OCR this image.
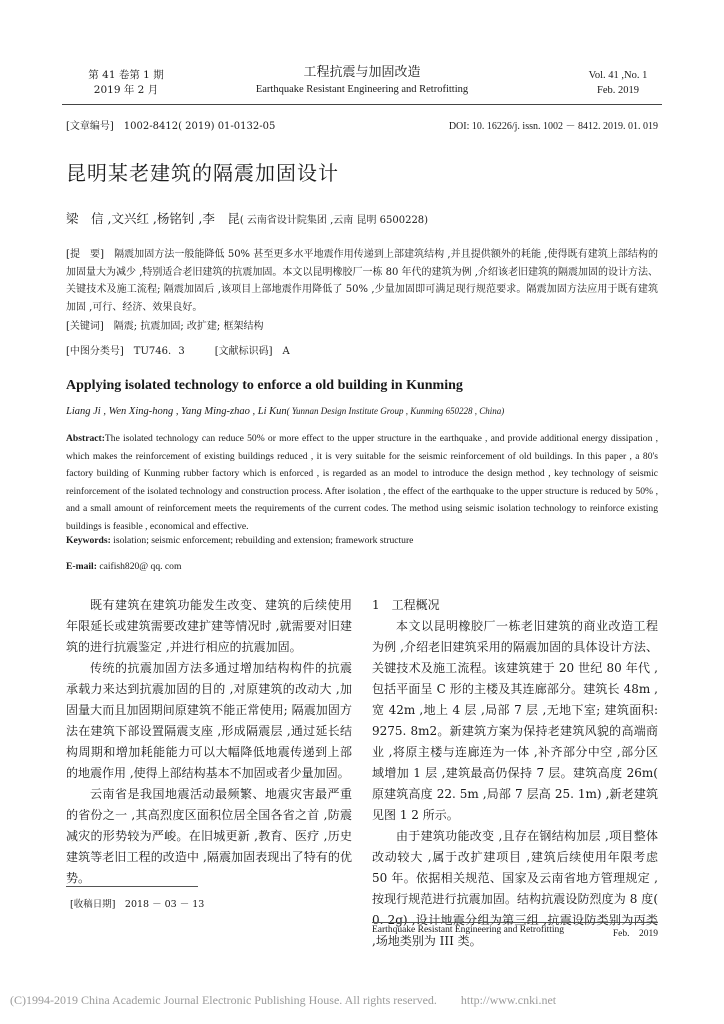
第 41 卷第 1 期
2019 年 2 月
工程抗震与加固改造
Earthquake Resistant Engineering and Retrofitting
Vol. 41 ,No. 1
Feb. 2019
[文章编号]　1002-8412( 2019) 01-0132-05	DOI: 10. 16226/j. issn. 1002 － 8412. 2019. 01. 019
昆明某老建筑的隔震加固设计
梁　信 ,文兴红 ,杨铭钊 ,李　昆( 云南省设计院集团 ,云南 昆明 6500228)
[提　要]　隔震加固方法一般能降低 50% 甚至更多水平地震作用传递到上部建筑结构 ,并且提供额外的耗能 ,使得既有建筑上部结构的加固量大为减少 ,特别适合老旧建筑的抗震加固。本文以昆明橡胶厂一栋 80 年代的建筑为例 ,介绍该老旧建筑的隔震加固的设计方法、关键技术及施工流程; 隔震加固后 ,该项目上部地震作用降低了 50% ,少量加固即可满足现行规范要求。隔震加固方法应用于既有建筑加固 ,可行、经济、效果良好。
[关键词]　隔震; 抗震加固; 改扩建; 框架结构
[中图分类号]　TU746. 3　　　[文献标识码]　A
Applying isolated technology to enforce a old building in Kunming
Liang Ji , Wen Xing-hong , Yang Ming-zhao , Li Kun( Yunnan Design Institute Group , Kunming 650228 , China)
Abstract:The isolated technology can reduce 50% or more effect to the upper structure in the earthquake , and provide additional energy dissipation , which makes the reinforcement of existing buildings reduced , it is very suitable for the seismic reinforcement of old buildings. In this paper , a 80's factory building of Kunming rubber factory which is enforced , is regarded as an model to introduce the design method , key technology of seismic reinforcement of the isolated technology and construction process. After isolation , the effect of the earthquake to the upper structure is reduced by 50% , and a small amount of reinforcement meets the requirements of the current codes. The method using seismic isolation technology to reinforce existing buildings is feasible , economical and effective.
Keywords: isolation; seismic enforcement; rebuilding and extension; framework structure
E-mail: caifish820@ qq. com

既有建筑在建筑功能发生改变、建筑的后续使用年限延长或建筑需要改建扩建等情况时 ,就需要对旧建筑的进行抗震鉴定 ,并进行相应的抗震加固。

传统的抗震加固方法多通过增加结构构件的抗震承载力来达到抗震加固的目的 ,对原建筑的改动大 ,加固量大而且加固期间原建筑不能正常使用; 隔震加固方法在建筑下部设置隔震支座 ,形成隔震层 ,通过延长结构周期和增加耗能能力可以大幅降低地震传递到上部的地震作用 ,使得上部结构基本不加固或者少量加固。

云南省是我国地震活动最频繁、地震灾害最严重的省份之一 ,其高烈度区面积位居全国各省之首 ,防震减灾的形势较为严峻。在旧城更新 ,教育、医疗 ,历史建筑等老旧工程的改造中 ,隔震加固表现出了特有的优势。

1　工程概况

本文以昆明橡胶厂一栋老旧建筑的商业改造工程为例 ,介绍老旧建筑采用的隔震加固的具体设计方法、关键技术及施工流程。该建筑建于 20 世纪 80 年代 ,包括平面呈 C 形的主楼及其连廊部分。建筑长 48m ,宽 42m ,地上 4 层 ,局部 7 层 ,无地下室; 建筑面积: 9275. 8m2。新建筑方案为保持老建筑风貌的高端商业 ,将原主楼与连廊连为一体 ,补齐部分中空 ,部分区域增加 1 层 ,建筑最高仍保持 7 层。建筑高度 26m( 原建筑高度 22. 5m ,局部 7 层高 25. 1m) ,新老建筑见图 1 2 所示。

由于建筑功能改变 ,且存在钢结构加层 ,项目整体改动较大 ,属于改扩建项目 ,建筑后续使用年限考虑 50 年。依据相关规范、国家及云南省地方管理规定 ,按现行规范进行抗震加固。结构抗震设防烈度为 8 度( 0. 2g) ,设计地震分组为第三组 ,抗震设防类别为丙类 ,场地类别为 III 类。

[收稿日期]　2018 － 03 － 13
Earthquake Resistant Engineering and Retrofitting	Feb.　2019
(C)1994-2019 China Academic Journal Electronic Publishing House. All rights reserved.　　http://www.cnki.net
